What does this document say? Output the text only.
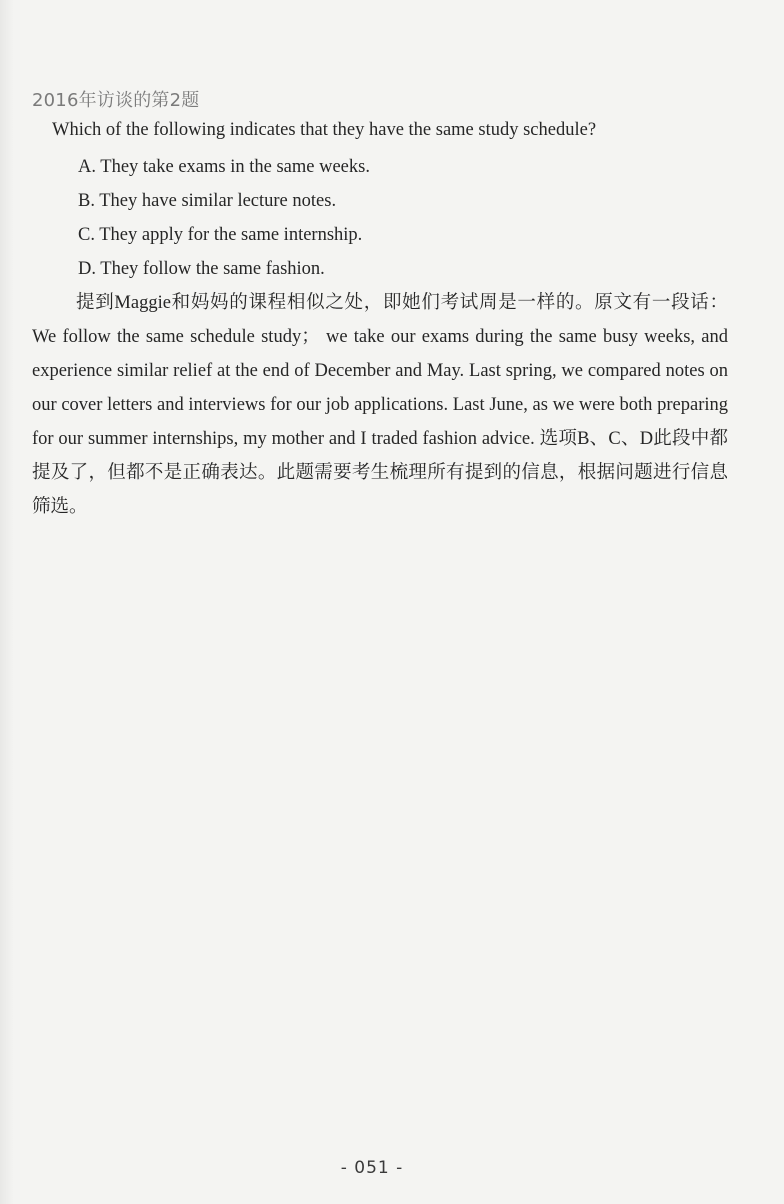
2016年访谈的第2题
Which of the following indicates that they have the same study schedule?
A. They take exams in the same weeks.
B. They have similar lecture notes.
C. They apply for the same internship.
D. They follow the same fashion.

提到Maggie和妈妈的课程相似之处，即她们考试周是一样的。原文有一段话：We follow the same schedule study； we take our exams during the same busy weeks, and experience similar relief at the end of December and May. Last spring, we compared notes on our cover letters and interviews for our job applications. Last June, as we were both preparing for our summer internships, my mother and I traded fashion advice. 选项B、C、D此段中都提及了，但都不是正确表达。此题需要考生梳理所有提到的信息，根据问题进行信息筛选。

- 051 -
